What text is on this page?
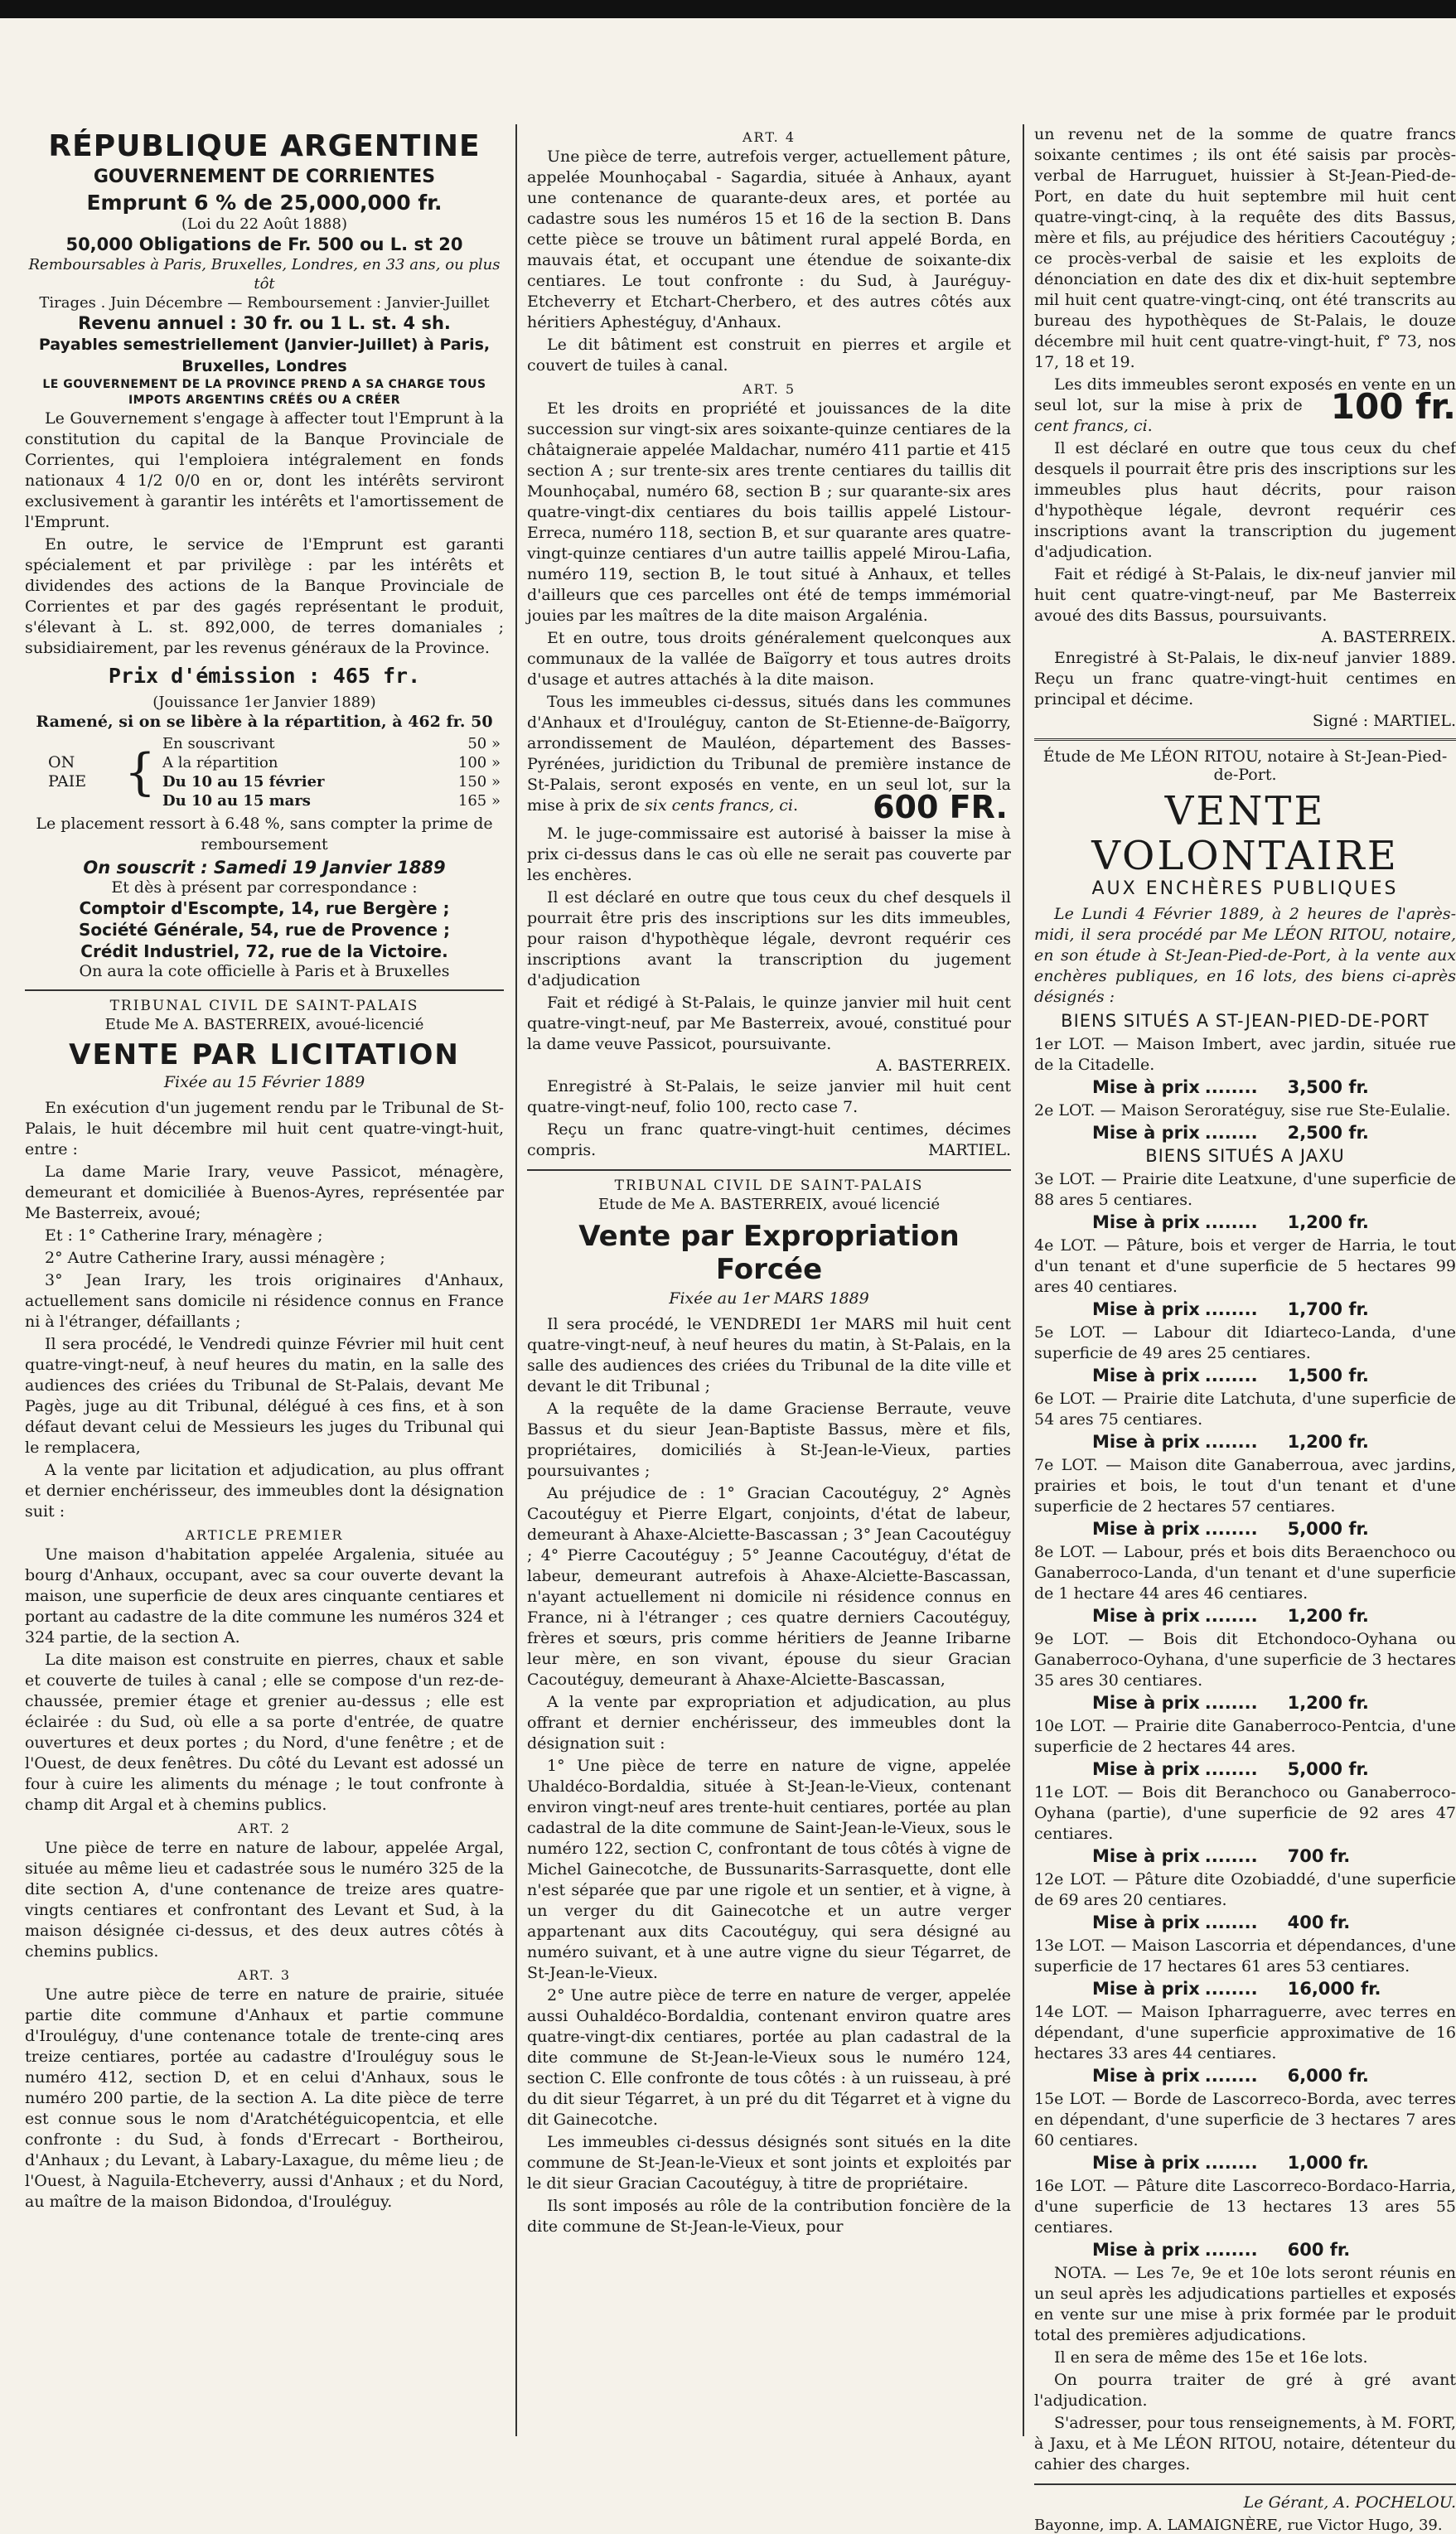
RÉPUBLIQUE ARGENTINE
GOUVERNEMENT DE CORRIENTES
Emprunt 6 % de 25,000,000 fr.
(Loi du 22 Août 1888)
50,000 Obligations de Fr. 500 ou L. st 20
Remboursables à Paris, Bruxelles, Londres, en 33 ans, ou plus tôt
Tirages . Juin Décembre — Remboursement : Janvier-Juillet
Revenu annuel : 30 fr. ou 1 L. st. 4 sh.
Payables semestriellement (Janvier-Juillet) à Paris, Bruxelles, Londres
LE GOUVERNEMENT DE LA PROVINCE PREND A SA CHARGE TOUS IMPOTS ARGENTINS CRÉÉS OU A CRÉER

Le Gouvernement s'engage à affecter tout l'Emprunt à la constitution du capital de la Banque Provinciale de Corrientes, qui l'emploiera intégralement en fonds nationaux 4 1/2 0/0 en or, dont les intérêts serviront exclusivement à garantir les intérêts et l'amortissement de l'Emprunt.

En outre, le service de l'Emprunt est garanti spécialement et par privilège : par les intérêts et dividendes des actions de la Banque Provinciale de Corrientes et par des gagés représentant le produit, s'élevant à L. st. 892,000, de terres domaniales ; subsidiairement, par les revenus généraux de la Province.

Prix d'émission : 465 fr.
(Jouissance 1er Janvier 1889)

Ramené, si on se libère à la répartition, à 462 fr. 50

ON PAIE	{	En souscrivant	50 »
		A la répartition	100 »
		Du 10 au 15 février	150 »
		Du 10 au 15 mars	165 »

Le placement ressort à 6.48 %, sans compter la prime de remboursement

On souscrit : Samedi 19 Janvier 1889
Et dès à présent par correspondance :
Comptoir d'Escompte, 14, rue Bergère ;
Société Générale, 54, rue de Provence ;
Crédit Industriel, 72, rue de la Victoire.
On aura la cote officielle à Paris et à Bruxelles
TRIBUNAL CIVIL DE SAINT-PALAIS
Etude Me A. BASTERREIX, avoué-licencié
VENTE PAR LICITATION
Fixée au 15 Février 1889

En exécution d'un jugement rendu par le Tribunal de St-Palais, le huit décembre mil huit cent quatre-vingt-huit, entre :

La dame Marie Irary, veuve Passicot, ménagère, demeurant et domiciliée à Buenos-Ayres, représentée par Me Basterreix, avoué;

Et : 1° Catherine Irary, ménagère ;

2° Autre Catherine Irary, aussi ménagère ;

3° Jean Irary, les trois originaires d'Anhaux, actuellement sans domicile ni résidence connus en France ni à l'étranger, défaillants ;

Il sera procédé, le Vendredi quinze Février mil huit cent quatre-vingt-neuf, à neuf heures du matin, en la salle des audiences des criées du Tribunal de St-Palais, devant Me Pagès, juge au dit Tribunal, délégué à ces fins, et à son défaut devant celui de Messieurs les juges du Tribunal qui le remplacera,

A la vente par licitation et adjudication, au plus offrant et dernier enchérisseur, des immeubles dont la désignation suit :

ARTICLE PREMIER

Une maison d'habitation appelée Argalenia, située au bourg d'Anhaux, occupant, avec sa cour ouverte devant la maison, une superficie de deux ares cinquante centiares et portant au cadastre de la dite commune les numéros 324 et 324 partie, de la section A.

La dite maison est construite en pierres, chaux et sable et couverte de tuiles à canal ; elle se compose d'un rez-de-chaussée, premier étage et grenier au-dessus ; elle est éclairée : du Sud, où elle a sa porte d'entrée, de quatre ouvertures et deux portes ; du Nord, d'une fenêtre ; et de l'Ouest, de deux fenêtres. Du côté du Levant est adossé un four à cuire les aliments du ménage ; le tout confronte à champ dit Argal et à chemins publics.

ART. 2

Une pièce de terre en nature de labour, appelée Argal, située au même lieu et cadastrée sous le numéro 325 de la dite section A, d'une contenance de treize ares quatre-vingts centiares et confrontant des Levant et Sud, à la maison désignée ci-dessus, et des deux autres côtés à chemins publics.

ART. 3

Une autre pièce de terre en nature de prairie, située partie dite commune d'Anhaux et partie commune d'Irouléguy, d'une contenance totale de trente-cinq ares treize centiares, portée au cadastre d'Irouléguy sous le numéro 412, section D, et en celui d'Anhaux, sous le numéro 200 partie, de la section A. La dite pièce de terre est connue sous le nom d'Aratchétéguicopentcia, et elle confronte : du Sud, à fonds d'Errecart - Bortheirou, d'Anhaux ; du Levant, à Labary-Laxague, du même lieu ; de l'Ouest, à Naguila-Etcheverry, aussi d'Anhaux ; et du Nord, au maître de la maison Bidondoa, d'Irouléguy.

ART. 4

Une pièce de terre, autrefois verger, actuellement pâture, appelée Mounhoçabal - Sagardia, située à Anhaux, ayant une contenance de quarante-deux ares, et portée au cadastre sous les numéros 15 et 16 de la section B. Dans cette pièce se trouve un bâtiment rural appelé Borda, en mauvais état, et occupant une étendue de soixante-dix centiares. Le tout confronte : du Sud, à Jauréguy-Etcheverry et Etchart-Cherbero, et des autres côtés aux héritiers Aphestéguy, d'Anhaux.

Le dit bâtiment est construit en pierres et argile et couvert de tuiles à canal.

ART. 5

Et les droits en propriété et jouissances de la dite succession sur vingt-six ares soixante-quinze centiares de la châtaigneraie appelée Maldachar, numéro 411 partie et 415 section A ; sur trente-six ares trente centiares du taillis dit Mounhoçabal, numéro 68, section B ; sur quarante-six ares quatre-vingt-dix centiares du bois taillis appelé Listour-Errecа, numéro 118, section B, et sur quarante ares quatre-vingt-quinze centiares d'un autre taillis appelé Mirou-Lafia, numéro 119, section B, le tout situé à Anhaux, et telles d'ailleurs que ces parcelles ont été de temps immémorial jouies par les maîtres de la dite maison Argalénia.

Et en outre, tous droits généralement quelconques aux communaux de la vallée de Baïgorry et tous autres droits d'usage et autres attachés à la dite maison.

Tous les immeubles ci-dessus, situés dans les communes d'Anhaux et d'Irouléguy, canton de St-Etienne-de-Baïgorry, arrondissement de Mauléon, département des Basses-Pyrénées, juridiction du Tribunal de première instance de St-Palais, seront exposés en vente, en un seul lot, sur la mise à prix de	600 FR.
six cents francs, ci.

M. le juge-commissaire est autorisé à baisser la mise à prix ci-dessus dans le cas où elle ne serait pas couverte par les enchères.

Il est déclaré en outre que tous ceux du chef desquels il pourrait être pris des inscriptions sur les dits immeubles, pour raison d'hypothèque légale, devront requérir ces inscriptions avant la transcription du jugement d'adjudication

Fait et rédigé à St-Palais, le quinze janvier mil huit cent quatre-vingt-neuf, par Me Basterreix, avoué, constitué pour la dame veuve Passicot, poursuivante.

A. BASTERREIX.

Enregistré à St-Palais, le seize janvier mil huit cent quatre-vingt-neuf, folio 100, recto case 7.

Reçu un franc quatre-vingt-huit centimes, décimes compris.	MARTIEL.

TRIBUNAL CIVIL DE SAINT-PALAIS
Etude de Me A. BASTERREIX, avoué licencié
Vente par Expropriation Forcée
Fixée au 1er MARS 1889

Il sera procédé, le VENDREDI 1er MARS mil huit cent quatre-vingt-neuf, à neuf heures du matin, à St-Palais, en la salle des audiences des criées du Tribunal de la dite ville et devant le dit Tribunal ;

A la requête de la dame Graciense Berraute, veuve Bassus et du sieur Jean-Baptiste Bassus, mère et fils, propriétaires, domiciliés à St-Jean-le-Vieux, parties poursuivantes ;

Au préjudice de : 1° Gracian Cacoutéguy, 2° Agnès Cacoutéguy et Pierre Elgart, conjoints, d'état de labeur, demeurant à Ahaxe-Alciette-Bascassan ; 3° Jean Cacoutéguy ; 4° Pierre Cacoutéguy ; 5° Jeanne Cacoutéguy, d'état de labeur, demeurant autrefois à Ahaxe-Alciette-Bascassan, n'ayant actuellement ni domicile ni résidence connus en France, ni à l'étranger ; ces quatre derniers Cacoutéguy, frères et sœurs, pris comme héritiers de Jeanne Iribarne leur mère, en son vivant, épouse du sieur Gracian Cacoutéguy, demeurant à Ahaxe-Alciette-Bascassan,

A la vente par expropriation et adjudication, au plus offrant et dernier enchérisseur, des immeubles dont la désignation suit :

1° Une pièce de terre en nature de vigne, appelée Uhaldéco-Bordaldia, située à St-Jean-le-Vieux, contenant environ vingt-neuf ares trente-huit centiares, portée au plan cadastral de la dite commune de Saint-Jean-le-Vieux, sous le numéro 122, section C, confrontant de tous côtés à vigne de Michel Gainecotche, de Bussunarits-Sarrasquette, dont elle n'est séparée que par une rigole et un sentier, et à vigne, à un verger du dit Gainecotche et un autre verger appartenant aux dits Cacoutéguy, qui sera désigné au numéro suivant, et à une autre vigne du sieur Tégarret, de St-Jean-le-Vieux.

2° Une autre pièce de terre en nature de verger, appelée aussi Ouhaldéco-Bordaldia, contenant environ quatre ares quatre-vingt-dix centiares, portée au plan cadastral de la dite commune de St-Jean-le-Vieux sous le numéro 124, section C. Elle confronte de tous côtés : à un ruisseau, à pré du dit sieur Tégarret, à un pré du dit Tégarret et à vigne du dit Gainecotche.

Les immeubles ci-dessus désignés sont situés en la dite commune de St-Jean-le-Vieux et sont joints et exploités par le dit sieur Gracian Cacoutéguy, à titre de propriétaire.

Ils sont imposés au rôle de la contribution foncière de la dite commune de St-Jean-le-Vieux, pour

un revenu net de la somme de quatre francs soixante centimes ; ils ont été saisis par procès-verbal de Harruguet, huissier à St-Jean-Pied-de-Port, en date du huit septembre mil huit cent quatre-vingt-cinq, à la requête des dits Bassus, mère et fils, au préjudice des héritiers Cacoutéguy ; ce procès-verbal de saisie et les exploits de dénonciation en date des dix et dix-huit septembre mil huit cent quatre-vingt-cinq, ont été transcrits au bureau des hypothèques de St-Palais, le douze décembre mil huit cent quatre-vingt-huit, f° 73, nos 17, 18 et 19.

Les dits immeubles seront exposés en vente en un seul lot, sur la mise à prix de 100 fr.
cent francs, ci.

Il est déclaré en outre que tous ceux du chef desquels il pourrait être pris des inscriptions sur les immeubles plus haut décrits, pour raison d'hypothèque légale, devront requérir ces inscriptions avant la transcription du jugement d'adjudication.

Fait et rédigé à St-Palais, le dix-neuf janvier mil huit cent quatre-vingt-neuf, par Me Basterreix avoué des dits Bassus, poursuivants.

A. BASTERREIX.

Enregistré à St-Palais, le dix-neuf janvier 1889. Reçu un franc quatre-vingt-huit centimes en principal et décime.

Signé : MARTIEL.
Étude de Me LÉON RITOU, notaire à St-Jean-Pied-de-Port.
VENTE VOLONTAIRE
AUX ENCHÈRES PUBLIQUES

Le Lundi 4 Février 1889, à 2 heures de l'après-midi, il sera procédé par Me LÉON RITOU, notaire, en son étude à St-Jean-Pied-de-Port, à la vente aux enchères publiques, en 16 lots, des biens ci-après désignés :

BIENS SITUÉS A ST-JEAN-PIED-DE-PORT
1er LOT. — Maison Imbert, avec jardin, située rue de la Citadelle.
Mise à prix ........ 3,500 fr.
2e LOT. — Maison Seroratéguy, sise rue Ste-Eulalie.
Mise à prix ........ 2,500 fr.
BIENS SITUÉS A JAXU
3e LOT. — Prairie dite Leatxune, d'une superficie de 88 ares 5 centiares.
Mise à prix ........ 1,200 fr.
4e LOT. — Pâture, bois et verger de Harria, le tout d'un tenant et d'une superficie de 5 hectares 99 ares 40 centiares.
Mise à prix ........ 1,700 fr.
5e LOT. — Labour dit Idiarteco-Landa, d'une superficie de 49 ares 25 centiares.
Mise à prix ........ 1,500 fr.
6e LOT. — Prairie dite Latchuta, d'une superficie de 54 ares 75 centiares.
Mise à prix ........ 1,200 fr.
7e LOT. — Maison dite Ganaberroua, avec jardins, prairies et bois, le tout d'un tenant et d'une superficie de 2 hectares 57 centiares.
Mise à prix ........ 5,000 fr.
8e LOT. — Labour, prés et bois dits Beraenchoco ou Ganaberroco-Landa, d'un tenant et d'une superficie de 1 hectare 44 ares 46 centiares.
Mise à prix ........ 1,200 fr.
9e LOT. — Bois dit Etchondoco-Oyhana ou Ganaberroco-Oyhana, d'une superficie de 3 hectares 35 ares 30 centiares.
Mise à prix ........ 1,200 fr.
10e LOT. — Prairie dite Ganaberroco-Pentcia, d'une superficie de 2 hectares 44 ares.
Mise à prix ........ 5,000 fr.
11e LOT. — Bois dit Beranchoco ou Ganaberroco-Oyhana (partie), d'une superficie de 92 ares 47 centiares.
Mise à prix ........ 700 fr.
12e LOT. — Pâture dite Ozobiaddé, d'une superficie de 69 ares 20 centiares.
Mise à prix ........ 400 fr.
13e LOT. — Maison Lascorria et dépendances, d'une superficie de 17 hectares 61 ares 53 centiares.
Mise à prix ........ 16,000 fr.
14e LOT. — Maison Ipharraguerre, avec terres en dépendant, d'une superficie approximative de 16 hectares 33 ares 44 centiares.
Mise à prix ........ 6,000 fr.
15e LOT. — Borde de Lascorreco-Borda, avec terres en dépendant, d'une superficie de 3 hectares 7 ares 60 centiares.
Mise à prix ........ 1,000 fr.
16e LOT. — Pâture dite Lascorreco-Bordaco-Harria, d'une superficie de 13 hectares 13 ares 55 centiares.
Mise à prix ........ 600 fr.

NOTA. — Les 7e, 9e et 10e lots seront réunis en un seul après les adjudications partielles et exposés en vente sur une mise à prix formée par le produit total des premières adjudications.

Il en sera de même des 15e et 16e lots.

On pourra traiter de gré à gré avant l'adjudication.

S'adresser, pour tous renseignements, à M. FORT, à Jaxu, et à Me LÉON RITOU, notaire, détenteur du cahier des charges.

Le Gérant, A. POCHELOU.
Bayonne, imp. A. LAMAIGNÈRE, rue Victor Hugo, 39.
